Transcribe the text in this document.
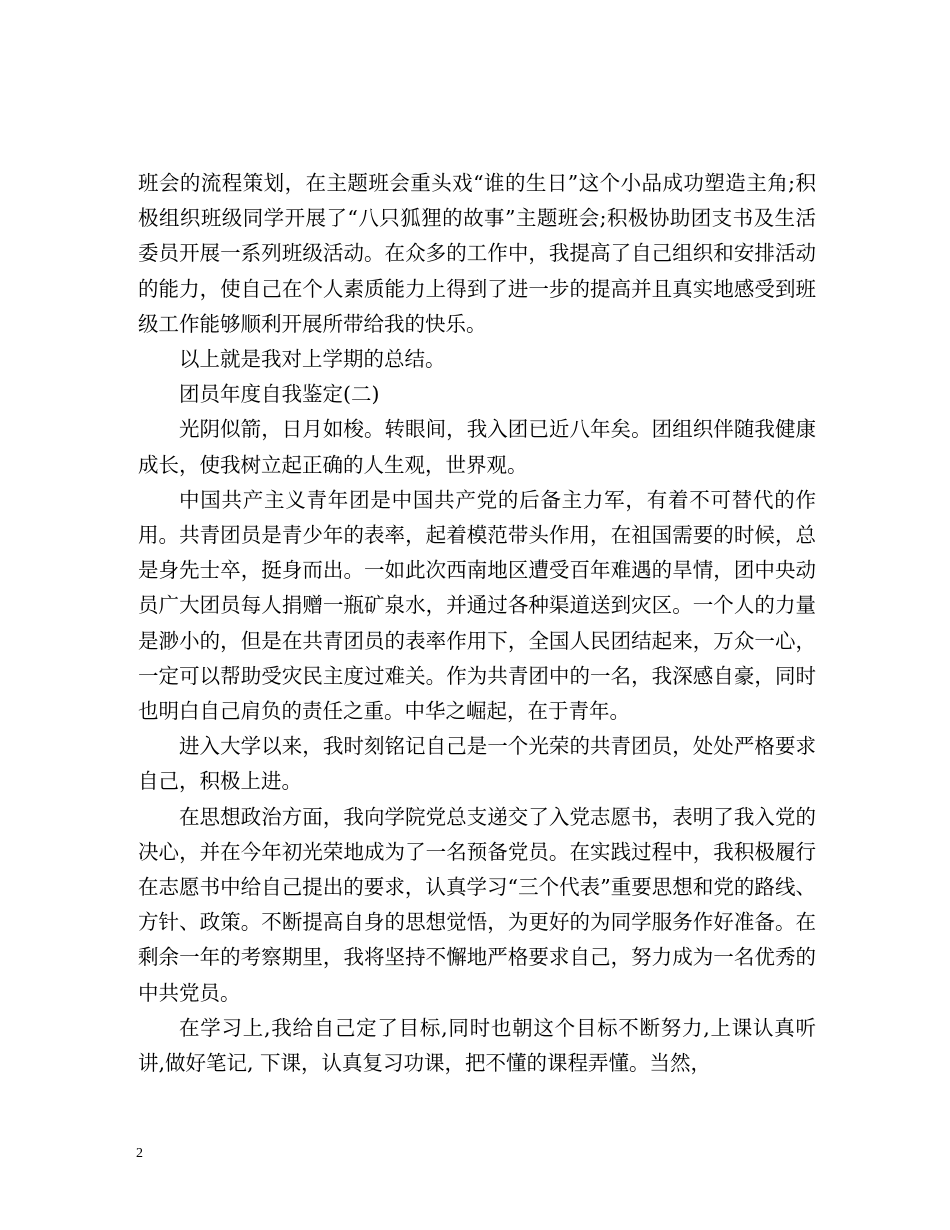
班会的流程策划，在主题班会重头戏“谁的生日”这个小品成功塑造主角;积极组织班级同学开展了“八只狐狸的故事”主题班会;积极协助团支书及生活委员开展一系列班级活动。在众多的工作中，我提高了自己组织和安排活动的能力，使自己在个人素质能力上得到了进一步的提高并且真实地感受到班级工作能够顺利开展所带给我的快乐。

以上就是我对上学期的总结。

团员年度自我鉴定(二)

光阴似箭，日月如梭。转眼间，我入团已近八年矣。团组织伴随我健康成长，使我树立起正确的人生观，世界观。

中国共产主义青年团是中国共产党的后备主力军，有着不可替代的作用。共青团员是青少年的表率，起着模范带头作用，在祖国需要的时候，总是身先士卒，挺身而出。一如此次西南地区遭受百年难遇的旱情，团中央动员广大团员每人捐赠一瓶矿泉水，并通过各种渠道送到灾区。一个人的力量是渺小的，但是在共青团员的表率作用下，全国人民团结起来，万众一心，一定可以帮助受灾民主度过难关。作为共青团中的一名，我深感自豪，同时也明白自己肩负的责任之重。中华之崛起，在于青年。

进入大学以来，我时刻铭记自己是一个光荣的共青团员，处处严格要求自己，积极上进。

在思想政治方面，我向学院党总支递交了入党志愿书，表明了我入党的决心，并在今年初光荣地成为了一名预备党员。在实践过程中，我积极履行在志愿书中给自己提出的要求，认真学习“三个代表”重要思想和党的路线、方针、政策。不断提高自身的思想觉悟，为更好的为同学服务作好准备。在剩余一年的考察期里，我将坚持不懈地严格要求自己，努力成为一名优秀的中共党员。

在学习上,我给自己定了目标,同时也朝这个目标不断努力,上课认真听讲,做好笔记, 下课，认真复习功课，把不懂的课程弄懂。当然，

2
